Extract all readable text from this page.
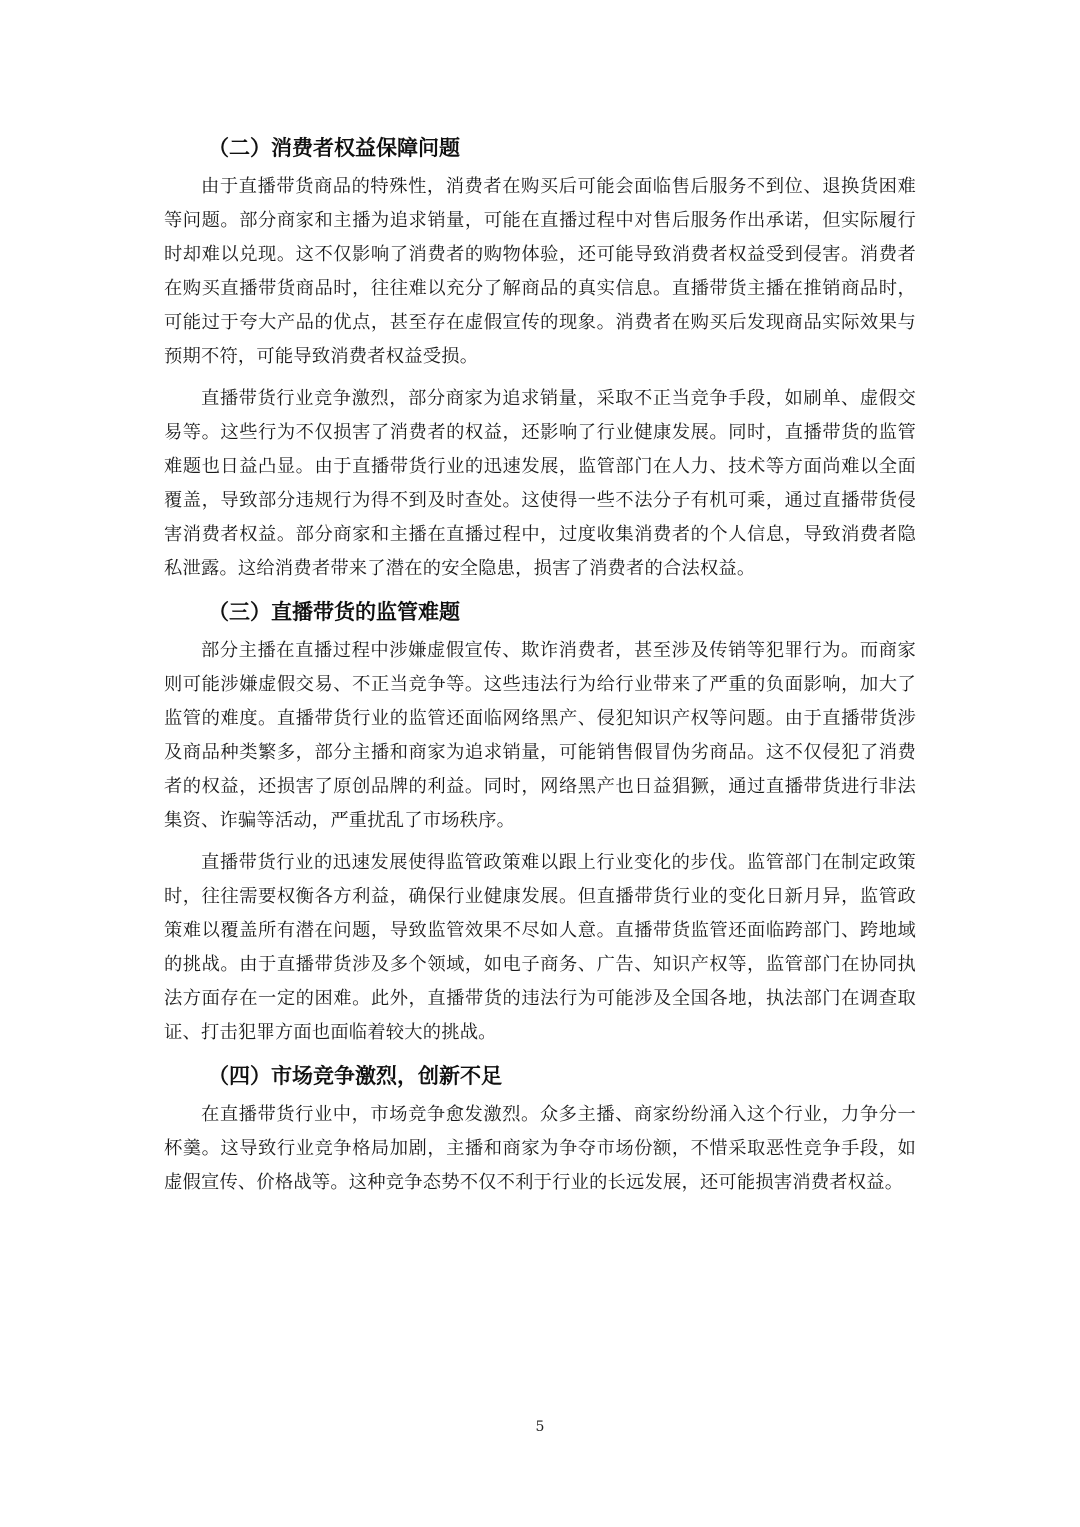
（二）消费者权益保障问题

由于直播带货商品的特殊性，消费者在购买后可能会面临售后服务不到位、退换货困难等问题。部分商家和主播为追求销量，可能在直播过程中对售后服务作出承诺，但实际履行时却难以兑现。这不仅影响了消费者的购物体验，还可能导致消费者权益受到侵害。消费者在购买直播带货商品时，往往难以充分了解商品的真实信息。直播带货主播在推销商品时，可能过于夸大产品的优点，甚至存在虚假宣传的现象。消费者在购买后发现商品实际效果与预期不符，可能导致消费者权益受损。

直播带货行业竞争激烈，部分商家为追求销量，采取不正当竞争手段，如刷单、虚假交易等。这些行为不仅损害了消费者的权益，还影响了行业健康发展。同时，直播带货的监管难题也日益凸显。由于直播带货行业的迅速发展，监管部门在人力、技术等方面尚难以全面覆盖，导致部分违规行为得不到及时查处。这使得一些不法分子有机可乘，通过直播带货侵害消费者权益。部分商家和主播在直播过程中，过度收集消费者的个人信息，导致消费者隐私泄露。这给消费者带来了潜在的安全隐患，损害了消费者的合法权益。

（三）直播带货的监管难题

部分主播在直播过程中涉嫌虚假宣传、欺诈消费者，甚至涉及传销等犯罪行为。而商家则可能涉嫌虚假交易、不正当竞争等。这些违法行为给行业带来了严重的负面影响，加大了监管的难度。直播带货行业的监管还面临网络黑产、侵犯知识产权等问题。由于直播带货涉及商品种类繁多，部分主播和商家为追求销量，可能销售假冒伪劣商品。这不仅侵犯了消费者的权益，还损害了原创品牌的利益。同时，网络黑产也日益猖獗，通过直播带货进行非法集资、诈骗等活动，严重扰乱了市场秩序。

直播带货行业的迅速发展使得监管政策难以跟上行业变化的步伐。监管部门在制定政策时，往往需要权衡各方利益，确保行业健康发展。但直播带货行业的变化日新月异，监管政策难以覆盖所有潜在问题，导致监管效果不尽如人意。直播带货监管还面临跨部门、跨地域的挑战。由于直播带货涉及多个领域，如电子商务、广告、知识产权等，监管部门在协同执法方面存在一定的困难。此外，直播带货的违法行为可能涉及全国各地，执法部门在调查取证、打击犯罪方面也面临着较大的挑战。

（四）市场竞争激烈，创新不足

在直播带货行业中，市场竞争愈发激烈。众多主播、商家纷纷涌入这个行业，力争分一杯羹。这导致行业竞争格局加剧，主播和商家为争夺市场份额，不惜采取恶性竞争手段，如虚假宣传、价格战等。这种竞争态势不仅不利于行业的长远发展，还可能损害消费者权益。

5
